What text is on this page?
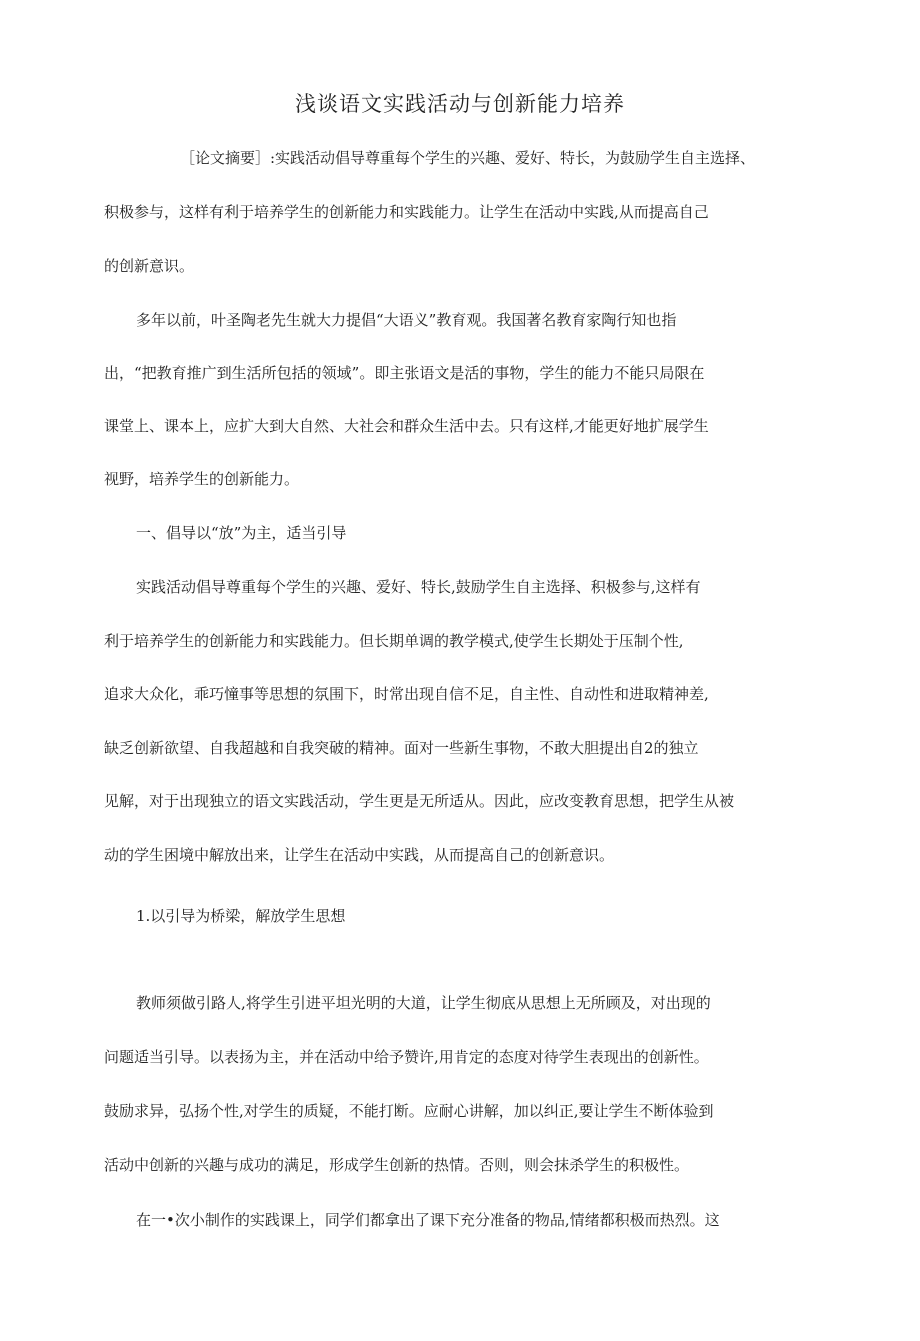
浅谈语文实践活动与创新能力培养
［论文摘要］:实践活动倡导尊重每个学生的兴趣、爱好、特长，为鼓励学生自主选择、
积极参与，这样有利于培养学生的创新能力和实践能力。让学生在活动中实践,从而提高自己
的创新意识。
多年以前，叶圣陶老先生就大力提倡“大语义”教育观。我国著名教育家陶行知也指
出，“把教育推广到生活所包括的领域”。即主张语文是活的事物，学生的能力不能只局限在
课堂上、课本上，应扩大到大自然、大社会和群众生活中去。只有这样,才能更好地扩展学生
视野，培养学生的创新能力。
一、倡导以“放”为主，适当引导
实践活动倡导尊重每个学生的兴趣、爱好、特长,鼓励学生自主选择、积极参与,这样有
利于培养学生的创新能力和实践能力。但长期单调的教学模式,使学生长期处于压制个性,
追求大众化，乖巧憧事等思想的氛围下，时常出现自信不足，自主性、自动性和进取精神差,
缺乏创新欲望、自我超越和自我突破的精神。面对一些新生事物，不敢大胆提出自2的独立
见解，对于出现独立的语文实践活动，学生更是无所适从。因此，应改变教育思想，把学生从被
动的学生困境中解放出来，让学生在活动中实践，从而提高自己的创新意识。
1.以引导为桥梁，解放学生思想
教师须做引路人,将学生引进平坦光明的大道，让学生彻底从思想上无所顾及，对出现的
问题适当引导。以表扬为主，并在活动中给予赞许,用肯定的态度对待学生表现出的创新性。
鼓励求异，弘扬个性,对学生的质疑，不能打断。应耐心讲解，加以纠正,要让学生不断体验到
活动中创新的兴趣与成功的满足，形成学生创新的热情。否则，则会抹杀学生的积极性。
在一•次小制作的实践课上，同学们都拿出了课下充分准备的物品,情绪都积极而热烈。这
